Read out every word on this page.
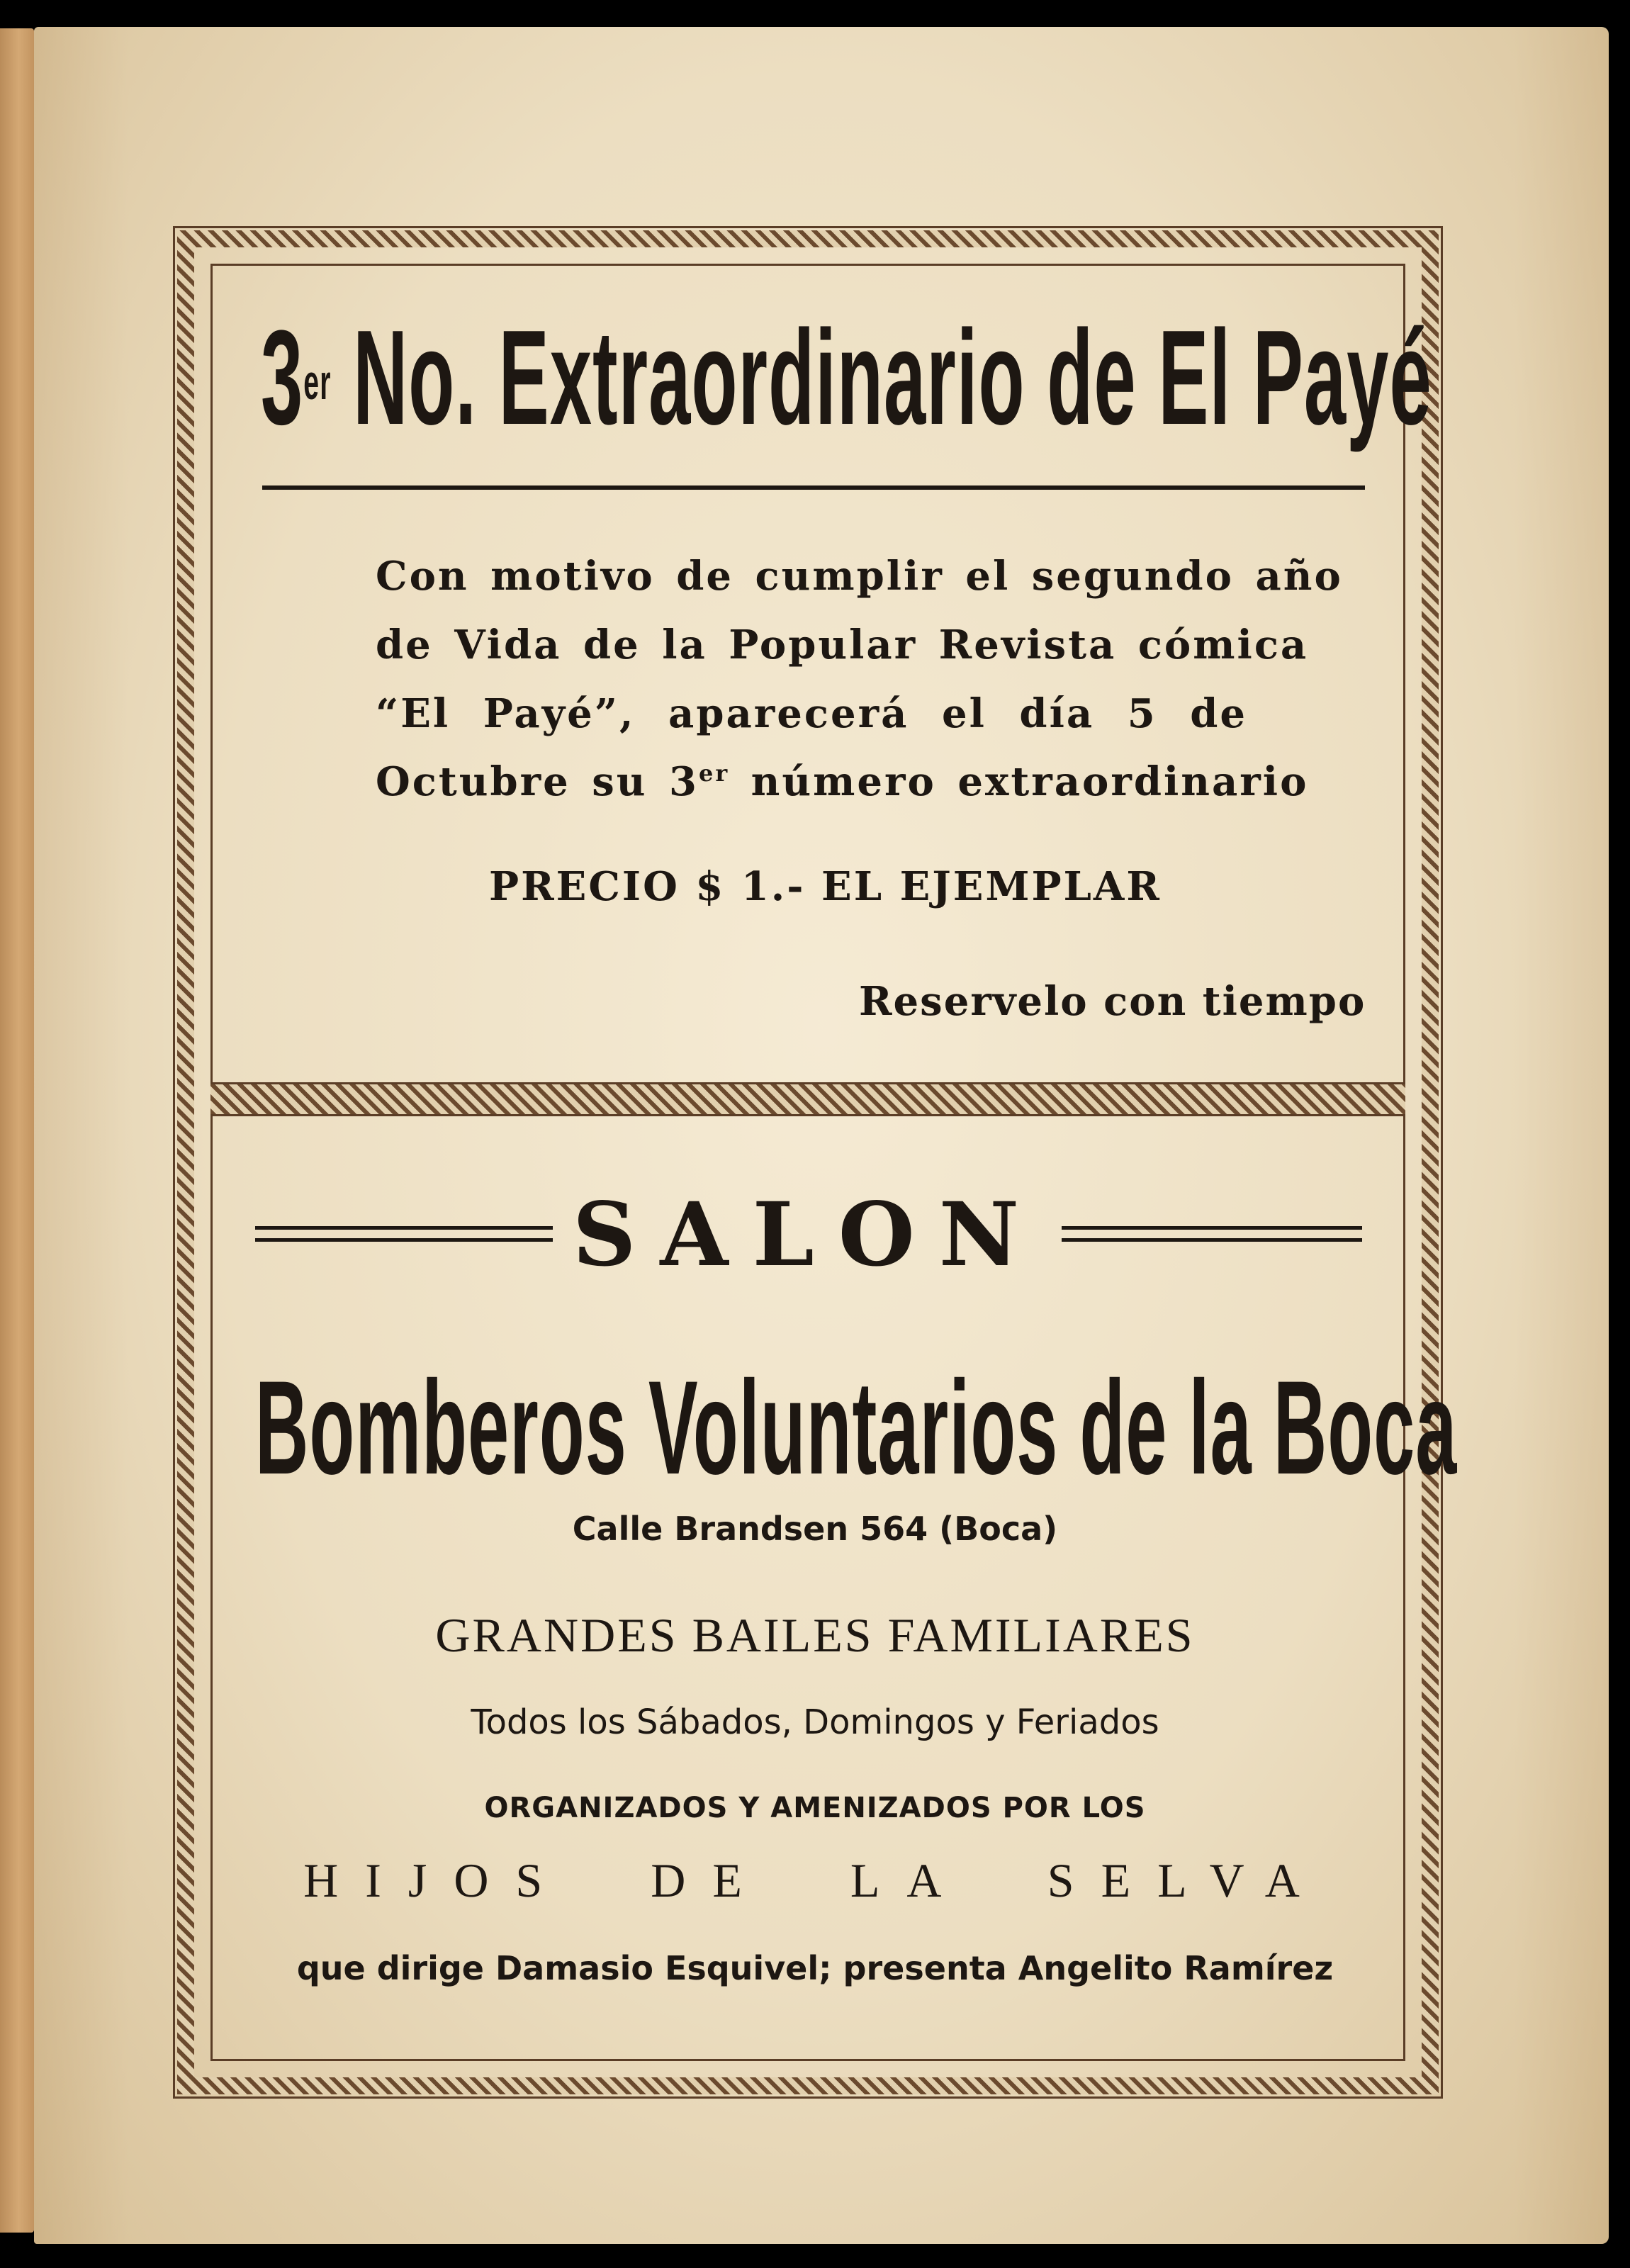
3er No. Extraordinario de El Payé

Con motivo de cumplir el segundo año

de Vida de la Popular Revista cómica

“El Payé”, aparecerá el día 5 de

Octubre su 3er número extraordinario

PRECIO $ 1.- EL EJEMPLAR

Reservelo con tiempo

SALON
Bomberos Voluntarios de la Boca

Calle Brandsen 564 (Boca)

GRANDES BAILES FAMILIARES

Todos los Sábados, Domingos y Feriados

ORGANIZADOS Y AMENIZADOS POR LOS

HIJOS DE LA SELVA

que dirige Damasio Esquivel; presenta Angelito Ramírez
